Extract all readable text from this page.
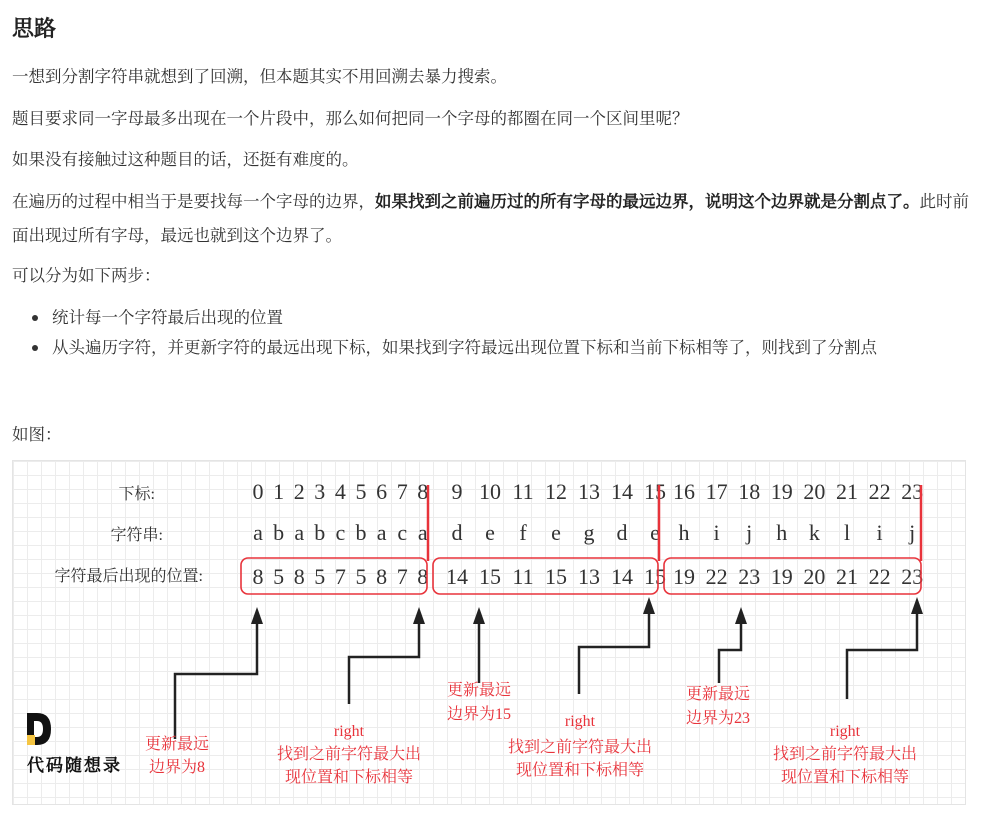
思路

一想到分割字符串就想到了回溯，但本题其实不用回溯去暴力搜索。

题目要求同一字母最多出现在一个片段中，那么如何把同一个字母的都圈在同一个区间里呢？

如果没有接触过这种题目的话，还挺有难度的。

在遍历的过程中相当于是要找每一个字母的边界，如果找到之前遍历过的所有字母的最远边界，说明这个边界就是分割点了。此时前面出现过所有字母，最远也就到这个边界了。

可以分为如下两步：

统计每一个字符最后出现的位置
从头遍历字符，并更新字符的最远出现下标，如果找到字符最远出现位置下标和当前下标相等了，则找到了分割点

如图：

下标:
字符串:
字符最后出现的位置:
0 1 2 3 4 5 6 7 8 9 10 11 12 13 14 15 16 17 18 19 20 21 22 23
a b a b c b a c a d e f e g d e h i j h k l i j
8 5 8 5 7 5 8 7 8 14 15 11 15 13 14 15 19 22 23 19 20 21 22 23
更新最远
边界为8
right
找到之前字符最大出
现位置和下标相等
更新最远
边界为15	right
找到之前字符最大出
现位置和下标相等
更新最远
边界为23
right
找到之前字符最大出
现位置和下标相等
代码随想录
